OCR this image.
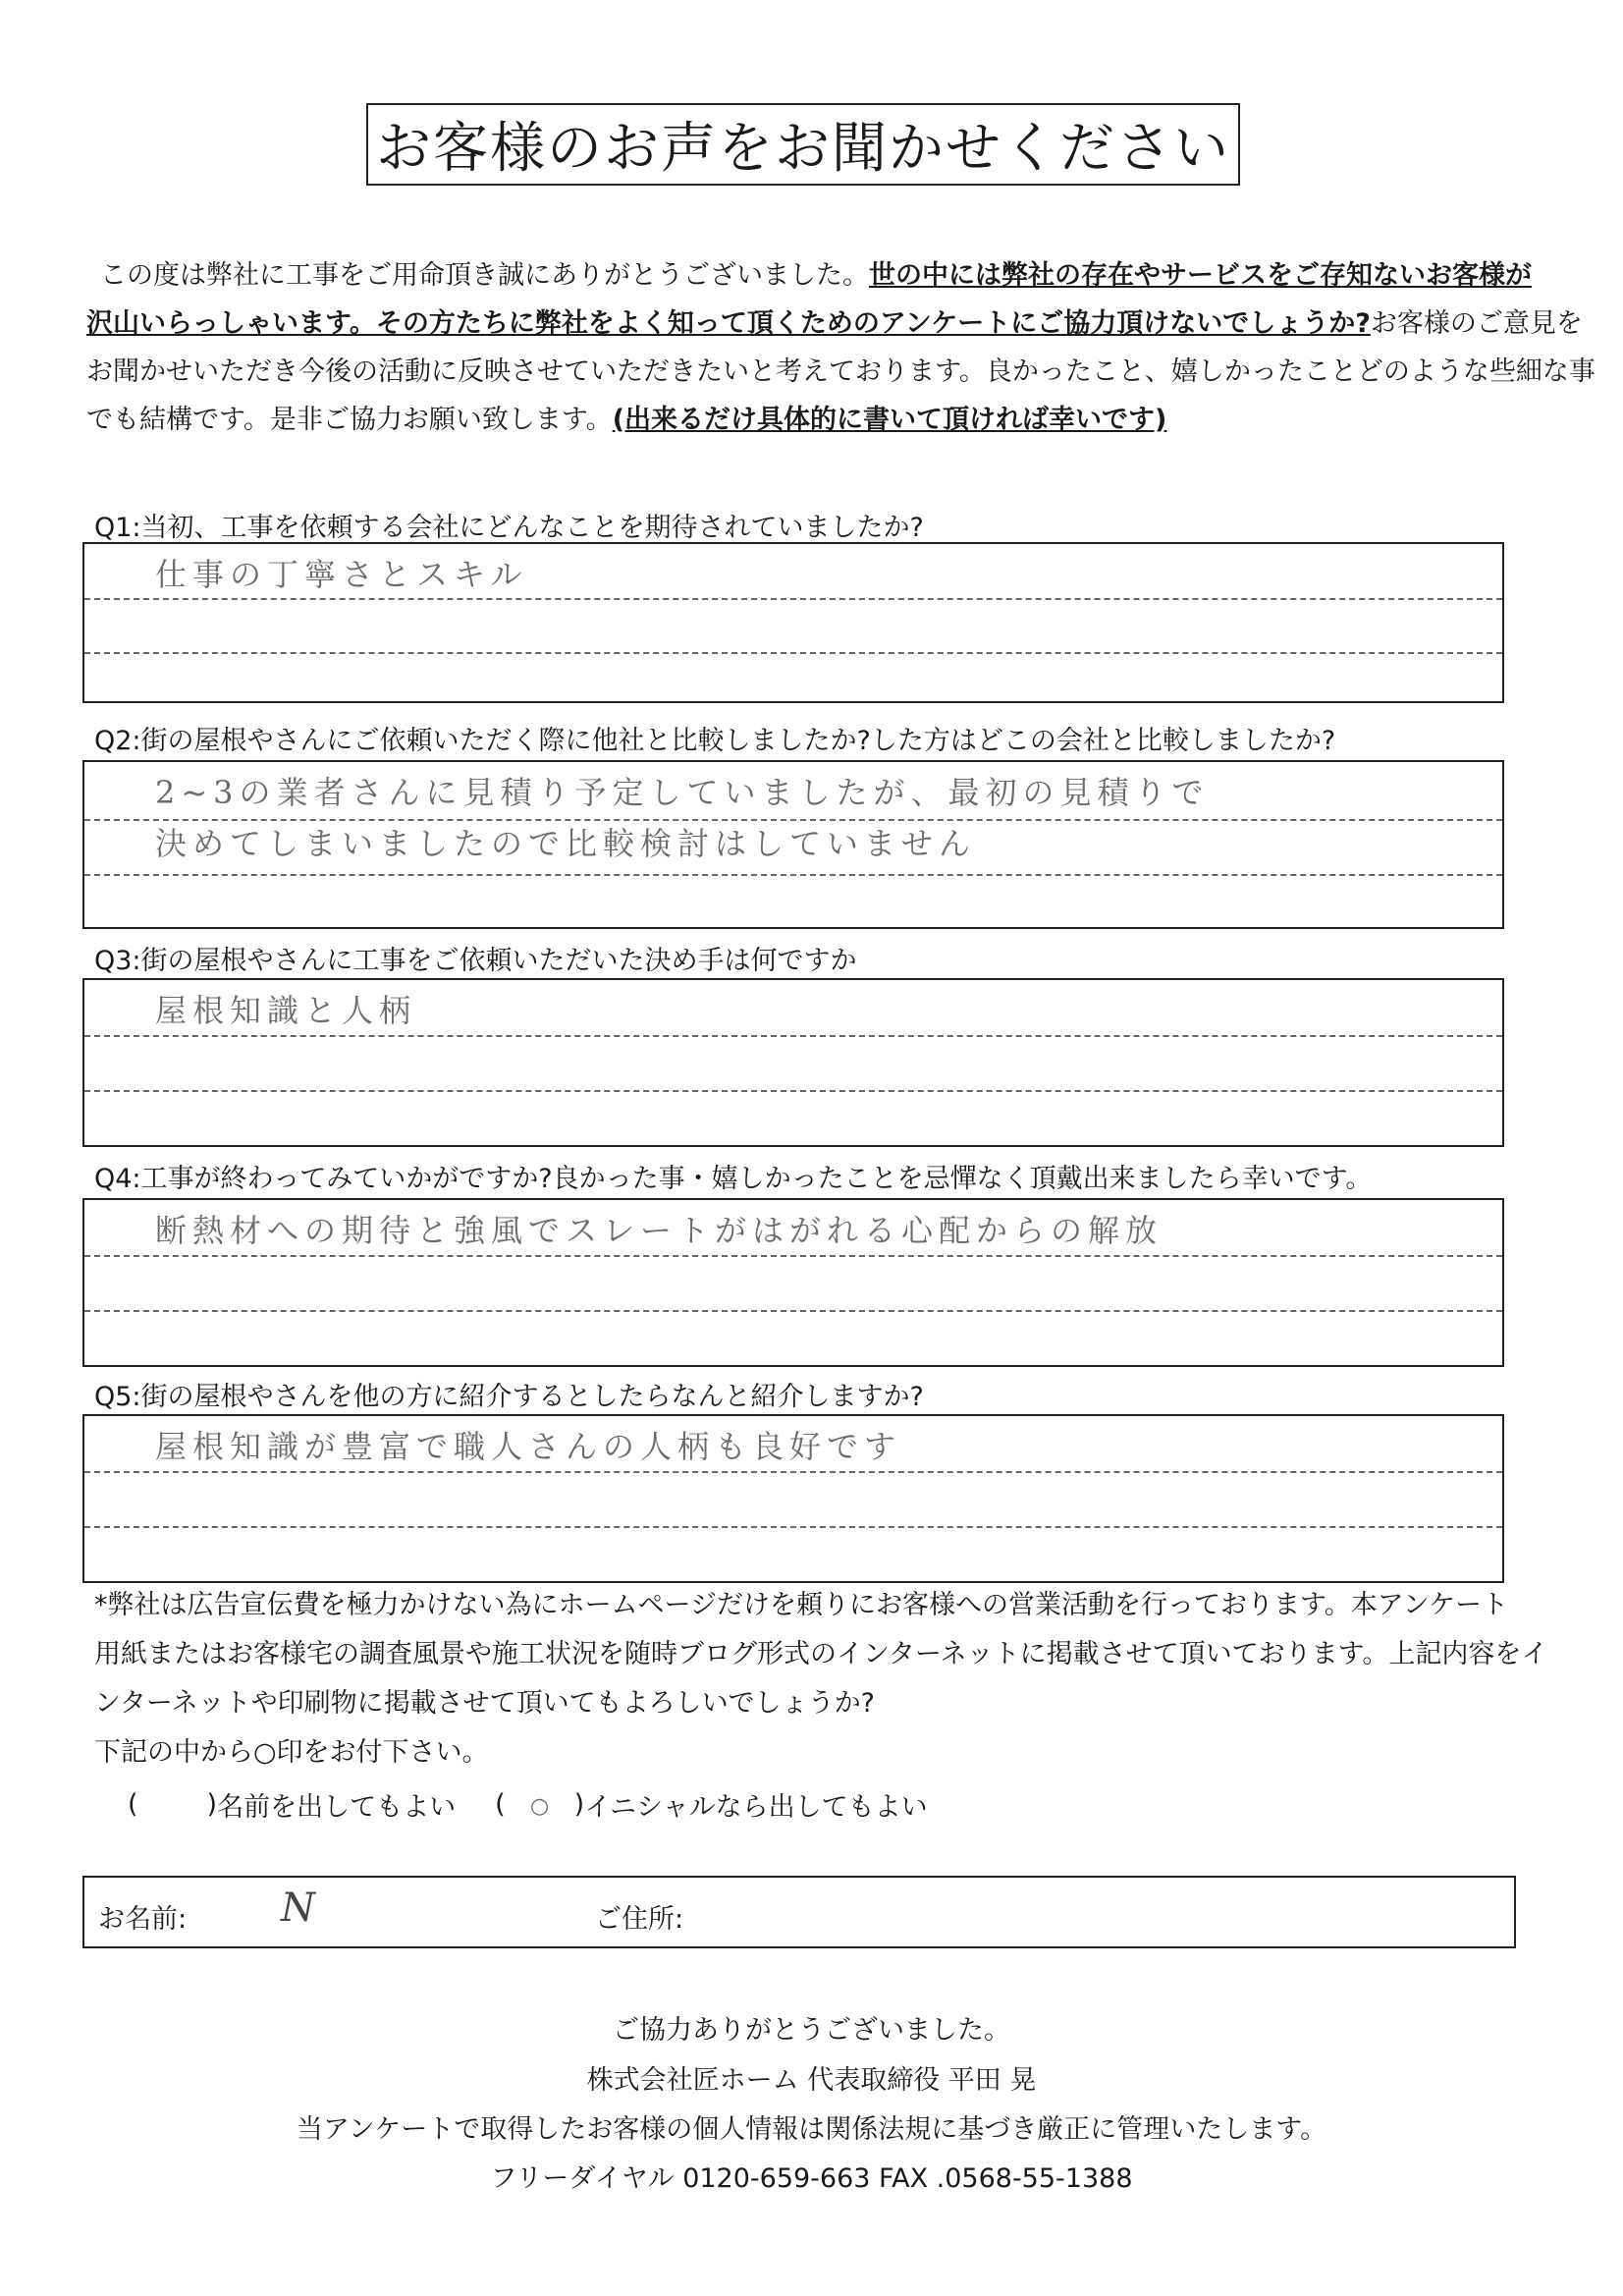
お客様のお声をお聞かせください

この度は弊社に工事をご用命頂き誠にありがとうございました。世の中には弊社の存在やサービスをご存知ないお客様が

沢山いらっしゃいます。その方たちに弊社をよく知って頂くためのアンケートにご協力頂けないでしょうか?お客様のご意見を

お聞かせいただき今後の活動に反映させていただきたいと考えております。良かったこと、嬉しかったことどのような些細な事

でも結構です。是非ご協力お願い致します。(出来るだけ具体的に書いて頂ければ幸いです)

Q1:当初、工事を依頼する会社にどんなことを期待されていましたか?
仕事の丁寧さとスキル
Q2:街の屋根やさんにご依頼いただく際に他社と比較しましたか?した方はどこの会社と比較しましたか?
2~3の業者さんに見積り予定していましたが、最初の見積りで
決めてしまいましたので比較検討はしていません
Q3:街の屋根やさんに工事をご依頼いただいた決め手は何ですか
屋根知識と人柄
Q4:工事が終わってみていかがですか?良かった事・嬉しかったことを忌憚なく頂戴出来ましたら幸いです。
断熱材への期待と強風でスレートがはがれる心配からの解放
Q5:街の屋根やさんを他の方に紹介するとしたらなんと紹介しますか?
屋根知識が豊富で職人さんの人柄も良好です

*弊社は広告宣伝費を極力かけない為にホームページだけを頼りにお客様への営業活動を行っております。本アンケート

用紙またはお客様宅の調査風景や施工状況を随時ブログ形式のインターネットに掲載させて頂いております。上記内容をイ

ンターネットや印刷物に掲載させて頂いてもよろしいでしょうか?

下記の中から○印をお付下さい。

(	) 名前を出してもよい (	○ ) イニシャルなら出してもよい
お名前: N	ご住所:
ご協力ありがとうございました。
株式会社匠ホーム 代表取締役 平田 晃
当アンケートで取得したお客様の個人情報は関係法規に基づき厳正に管理いたします。
フリーダイヤル 0120-659-663 FAX .0568-55-1388
